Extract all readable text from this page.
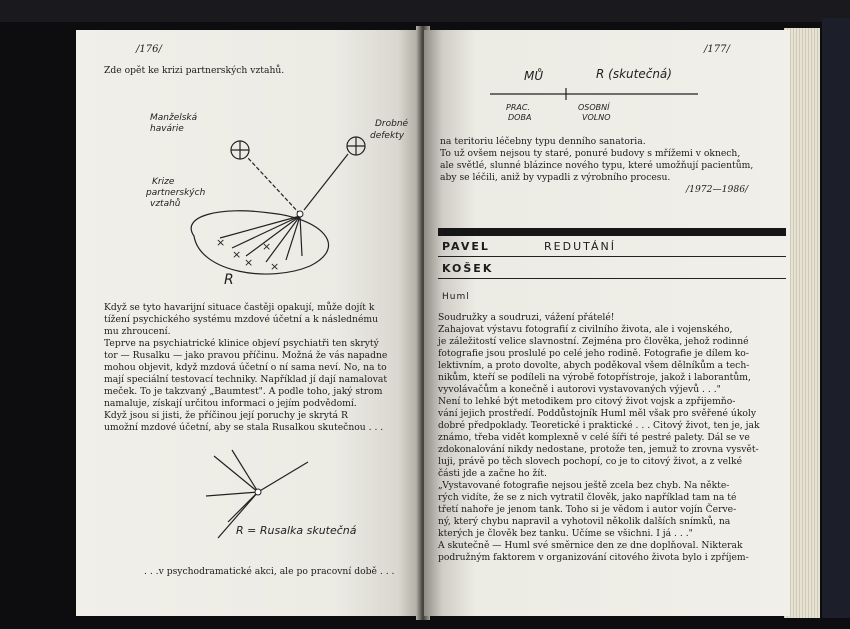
/176/
Zde opět ke krizi partnerských vztahů.
Manželská
havárie	Drobné
defekty
Krize
partnerských
vztahů
R
×
×
×
×
×
Když se tyto havarijní situace častěji opakují, může dojít k
tížení psychického systému mzdové účetní a k následnému
mu zhroucení.
Teprve na psychiatrické klinice objeví psychiatři ten skrytý
tor — Rusalku — jako pravou příčinu. Možná že vás napadne
mohou objevit, když mzdová účetní o ní sama neví. No, na to
mají speciální testovací techniky. Například jí dají namalovat
meček. To je takzvaný „Baumtest". A podle toho, jaký strom
namaluje, získají určitou informaci o jejím podvědomí.
Když jsou si jisti, že příčinou její poruchy je skrytá R
umožní mzdové účetní, aby se stala Rusalkou skutečnou . . .
R = Rusalka skutečná
. . .v psychodramatické akci, ale po pracovní době . . .
/177/
MŮ	R (skutečná)
PRAC.
DOBA
OSOBNÍ
VOLNO
na teritoriu léčebny typu denního sanatoria.
To už ovšem nejsou ty staré, ponuré budovy s mřížemi v oknech,
ale světlé, slunné blázince nového typu, které umožňují pacientům,
aby se léčili, aniž by vypadli z výrobního procesu.
/1972—1986/
PAVEL	REDUTÁNÍ
KOŠEK
Huml
Soudružky a soudruzi, vážení přátelé!
Zahajovat výstavu fotografií z civilního života, ale i vojenského,
je záležitostí velice slavnostní. Zejména pro člověka, jehož rodinné
fotografie jsou proslulé po celé jeho rodině. Fotografie je dílem ko-
lektivním, a proto dovolte, abych poděkoval všem dělníkům a tech-
nikům, kteří se podíleli na výrobě fotopřístroje, jakož i laborantům,
vyvolávačům a konečně i autorovi vystavovaných výjevů . . ."
Není to lehké být metodikem pro citový život vojsk a zpřijemňo-
vání jejich prostředí. Poddůstojník Huml měl však pro svěřené úkoly
dobré předpoklady. Teoretické i praktické . . . Citový život, ten je, jak
známo, třeba vidět komplexně v celé šíři té pestré palety. Dál se ve
zdokonalování nikdy nedostane, protože ten, jemuž to zrovna vysvět-
luji, právě po těch slovech pochopí, co je to citový život, a z velké
části jde a začne ho žít.
„Vystavované fotografie nejsou ještě zcela bez chyb. Na někte-
rých vidíte, že se z nich vytratil člověk, jako například tam na té
třetí nahoře je jenom tank. Toho si je vědom i autor vojín Červe-
ný, který chybu napravil a vyhotovil několik dalších snímků, na
kterých je člověk bez tanku. Učíme se všichni. I já . . ."
A skutečně — Huml své směrnice den ze dne doplňoval. Nikterak
podružným faktorem v organizování citového života bylo i zpříjem-
